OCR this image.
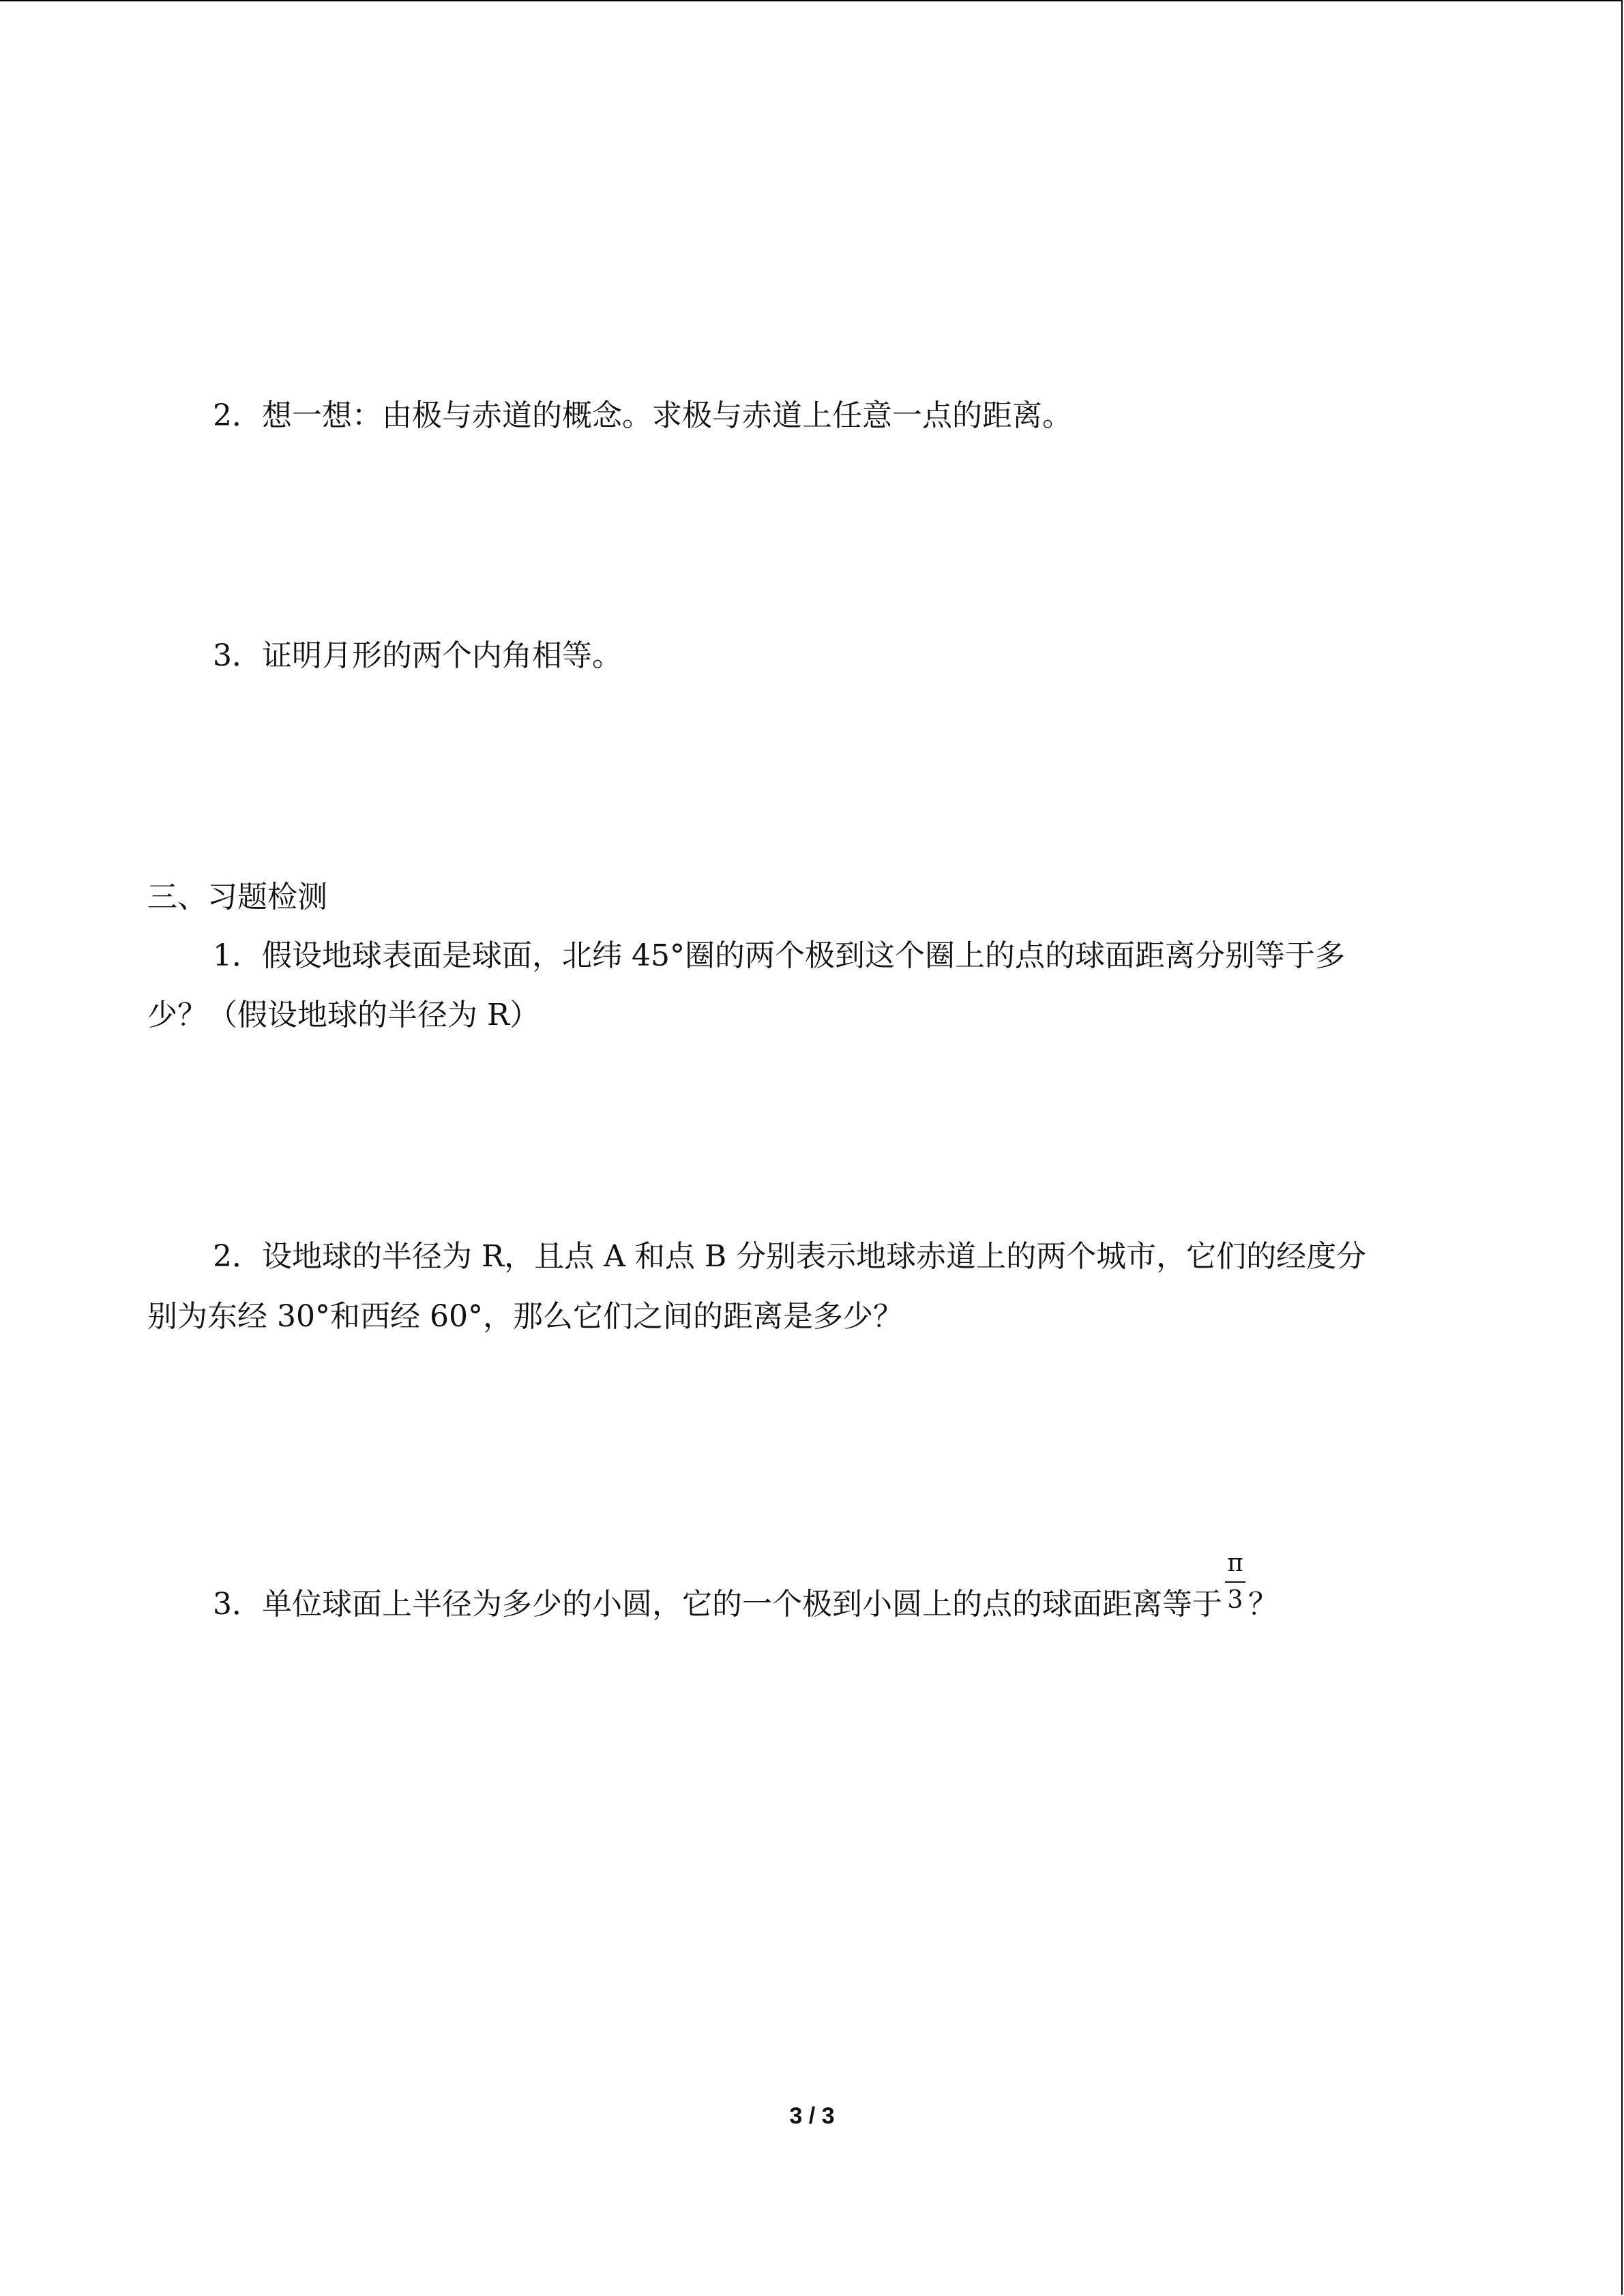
2．想一想：由极与赤道的概念。求极与赤道上任意一点的距离。
3．证明月形的两个内角相等。
三、习题检测
1．假设地球表面是球面，北纬 45°圈的两个极到这个圈上的点的球面距离分别等于多
少？（假设地球的半径为 R）
2．设地球的半径为 R，且点 A 和点 B 分别表示地球赤道上的两个城市，它们的经度分
别为东经 30°和西经 60°，那么它们之间的距离是多少？
3．单位球面上半径为多少的小圆，它的一个极到小圆上的点的球面距离等于 $\frac{\pi}{3}$ ？
3 / 3
